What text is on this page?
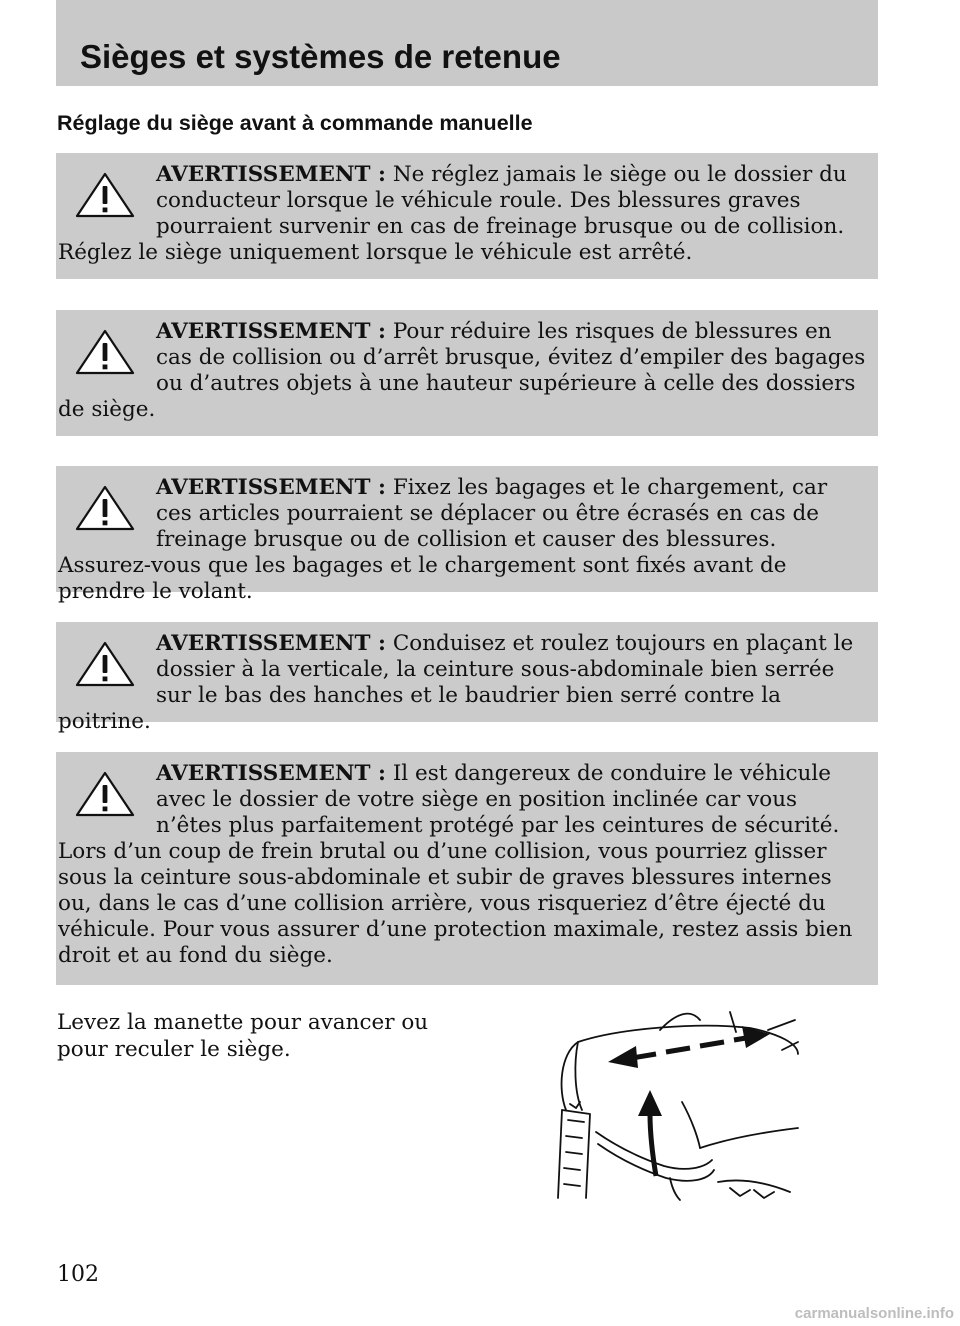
Sièges et systèmes de retenue
Réglage du siège avant à commande manuelle

AVERTISSEMENT : Ne réglez jamais le siège ou le dossier du conducteur lorsque le véhicule roule. Des blessures graves pourraient survenir en cas de freinage brusque ou de collision. Réglez le siège uniquement lorsque le véhicule est arrêté.

AVERTISSEMENT : Pour réduire les risques de blessures en cas de collision ou d’arrêt brusque, évitez d’empiler des bagages ou d’autres objets à une hauteur supérieure à celle des dossiers de siège.

AVERTISSEMENT : Fixez les bagages et le chargement, car ces articles pourraient se déplacer ou être écrasés en cas de freinage brusque ou de collision et causer des blessures. Assurez-vous que les bagages et le chargement sont fixés avant de prendre le volant.

AVERTISSEMENT : Conduisez et roulez toujours en plaçant le dossier à la verticale, la ceinture sous-abdominale bien serrée sur le bas des hanches et le baudrier bien serré contre la poitrine.

AVERTISSEMENT : Il est dangereux de conduire le véhicule avec le dossier de votre siège en position inclinée car vous n’êtes plus parfaitement protégé par les ceintures de sécurité. Lors d’un coup de frein brutal ou d’une collision, vous pourriez glisser sous la ceinture sous-abdominale et subir de graves blessures internes ou, dans le cas d’une collision arrière, vous risqueriez d’être éjecté du véhicule. Pour vous assurer d’une protection maximale, restez assis bien droit et au fond du siège.

Levez la manette pour avancer ou pour reculer le siège.

102

carmanualsonline.info
